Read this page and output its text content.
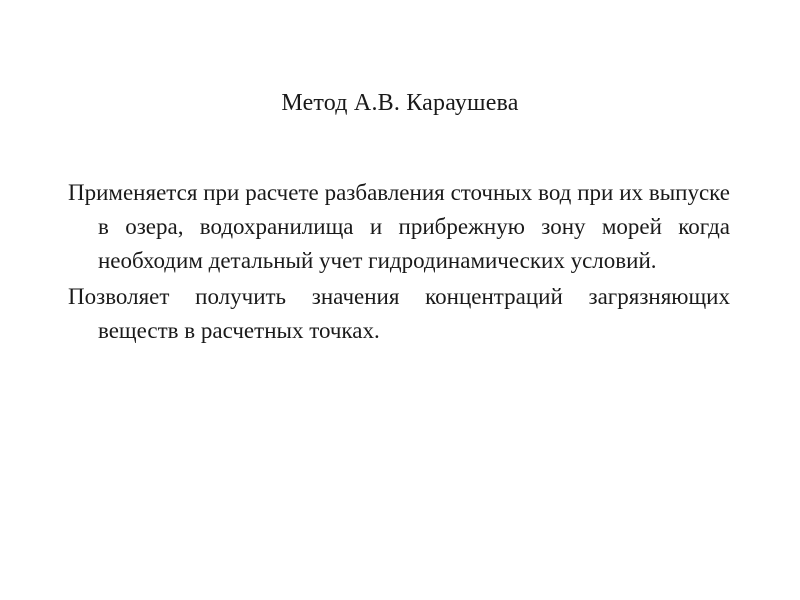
Метод А.В. Караушева

Применяется при расчете разбавления сточных вод при их выпуске в озера, водохранилища и прибрежную зону морей когда необходим детальный учет гидродинамических условий.

Позволяет получить значения концентраций загрязняющих веществ в расчетных точках.
